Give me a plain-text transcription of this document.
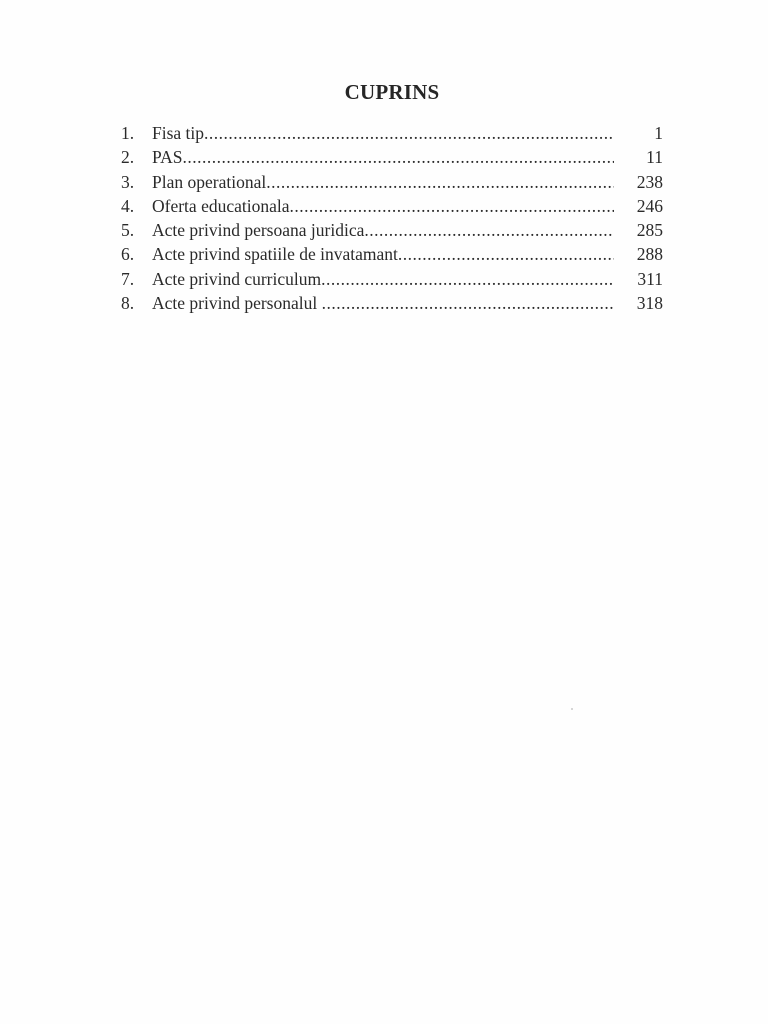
CUPRINS
1.	Fisa tip .....	1
2.	PAS .....	11
3.	Plan operational .....	238
4.	Oferta educationala .....	246
5.	Acte privind persoana juridica .....	285
6.	Acte privind spatiile de invatamant .....	288
7.	Acte privind curriculum .....	311
8.	Acte privind personalul .....	318
